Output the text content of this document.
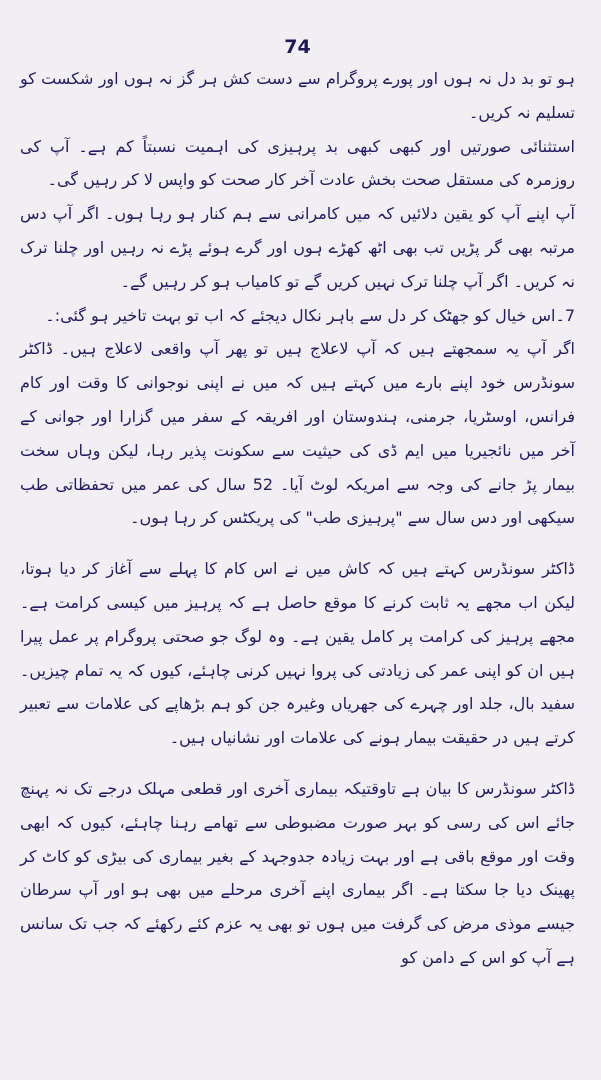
74

ہو تو بد دل نہ ہوں اور پورے پروگرام سے دست کش ہر گز نہ ہوں اور شکست کو تسلیم نہ کریں۔

استثنائی صورتیں اور کبھی کبھی بد پرہیزی کی اہمیت نسبتاً کم ہے۔ آپ کی روزمرہ کی مستقل صحت بخش عادت آخر کار صحت کو واپس لا کر رہیں گی۔

آپ اپنے آپ کو یقین دلائیں کہ میں کامرانی سے ہم کنار ہو رہا ہوں۔ اگر آپ دس مرتبہ بھی گر پڑیں تب بھی اٹھ کھڑے ہوں اور گرے ہوئے پڑے نہ رہیں اور چلنا ترک نہ کریں۔ اگر آپ چلنا ترک نہیں کریں گے تو کامیاب ہو کر رہیں گے۔

7۔اس خیال کو جھٹک کر دل سے باہر نکال دیجئے کہ اب تو بہت تاخیر ہو گئی:۔

اگر آپ یہ سمجھتے ہیں کہ آپ لاعلاج ہیں تو پھر آپ واقعی لاعلاج ہیں۔ ڈاکٹر سونڈرس خود اپنے بارے میں کہتے ہیں کہ میں نے اپنی نوجوانی کا وقت اور کام فرانس، اوسٹریا، جرمنی، ہندوستان اور افریقہ کے سفر میں گزارا اور جوانی کے آخر میں نائجیریا میں ایم ڈی کی حیثیت سے سکونت پذیر رہا، لیکن وہاں سخت بیمار پڑ جانے کی وجہ سے امریکہ لوٹ آیا۔ 52 سال کی عمر میں تحفظاتی طب سیکھی اور دس سال سے "پرہیزی طب" کی پریکٹس کر رہا ہوں۔

ڈاکٹر سونڈرس کہتے ہیں کہ کاش میں نے اس کام کا پہلے سے آغاز کر دیا ہوتا، لیکن اب مجھے یہ ثابت کرنے کا موقع حاصل ہے کہ پرہیز میں کیسی کرامت ہے۔ مجھے پرہیز کی کرامت پر کامل یقین ہے۔ وہ لوگ جو صحتی پروگرام پر عمل پیرا ہیں ان کو اپنی عمر کی زیادتی کی پروا نہیں کرنی چاہئے، کیوں کہ یہ تمام چیزیں۔ سفید بال، جلد اور چہرے کی جھریاں وغیرہ جن کو ہم بڑھاپے کی علامات سے تعبیر کرتے ہیں در حقیقت بیمار ہونے کی علامات اور نشانیاں ہیں۔

ڈاکٹر سونڈرس کا بیان ہے تاوقتیکہ بیماری آخری اور قطعی مہلک درجے تک نہ پہنچ جائے اس کی رسی کو بہر صورت مضبوطی سے تھامے رہنا چاہئے، کیوں کہ ابھی وقت اور موقع باقی ہے اور بہت زیادہ جدوجہد کے بغیر بیماری کی بیڑی کو کاٹ کر پھینک دیا جا سکتا ہے۔ اگر بیماری اپنے آخری مرحلے میں بھی ہو اور آپ سرطان جیسے موذی مرض کی گرفت میں ہوں تو بھی یہ عزم کئے رکھئے کہ جب تک سانس ہے آپ کو اس کے دامن کو
